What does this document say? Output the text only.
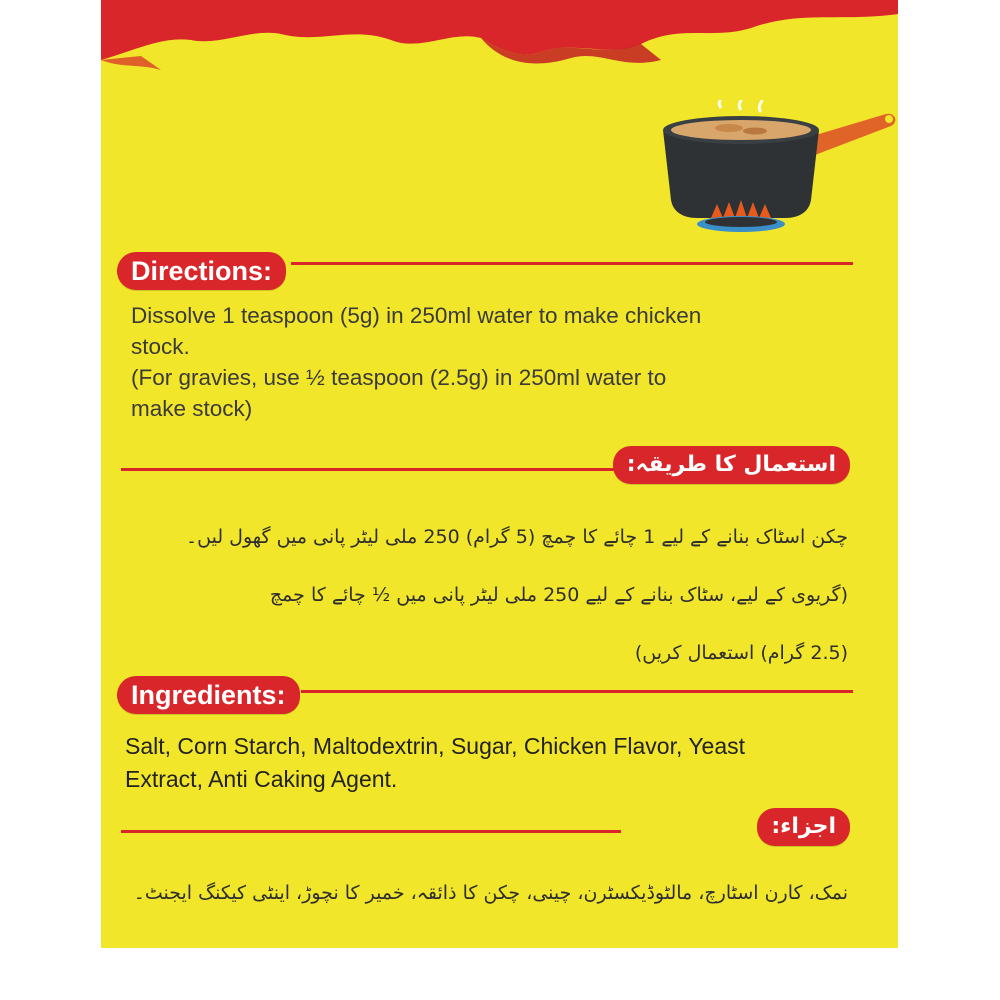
Directions:
Dissolve 1 teaspoon (5g) in 250ml water to make chicken
stock.
(For gravies, use ½ teaspoon (2.5g) in 250ml water to
make stock)
استعمال کا طریقہ:
چکن اسٹاک بنانے کے لیے 1 چائے کا چمچ (5 گرام) 250 ملی لیٹر پانی میں گھول لیں۔
(گریوی کے لیے، سٹاک بنانے کے لیے 250 ملی لیٹر پانی میں ½ چائے کا چمچ
(2.5 گرام) استعمال کریں)
Ingredients:
Salt, Corn Starch, Maltodextrin, Sugar, Chicken Flavor, Yeast
Extract, Anti Caking Agent.
اجزاء:
نمک، کارن اسٹارچ، مالٹوڈیکسٹرن، چینی، چکن کا ذائقہ، خمیر کا نچوڑ، اینٹی کیکنگ ایجنٹ۔
